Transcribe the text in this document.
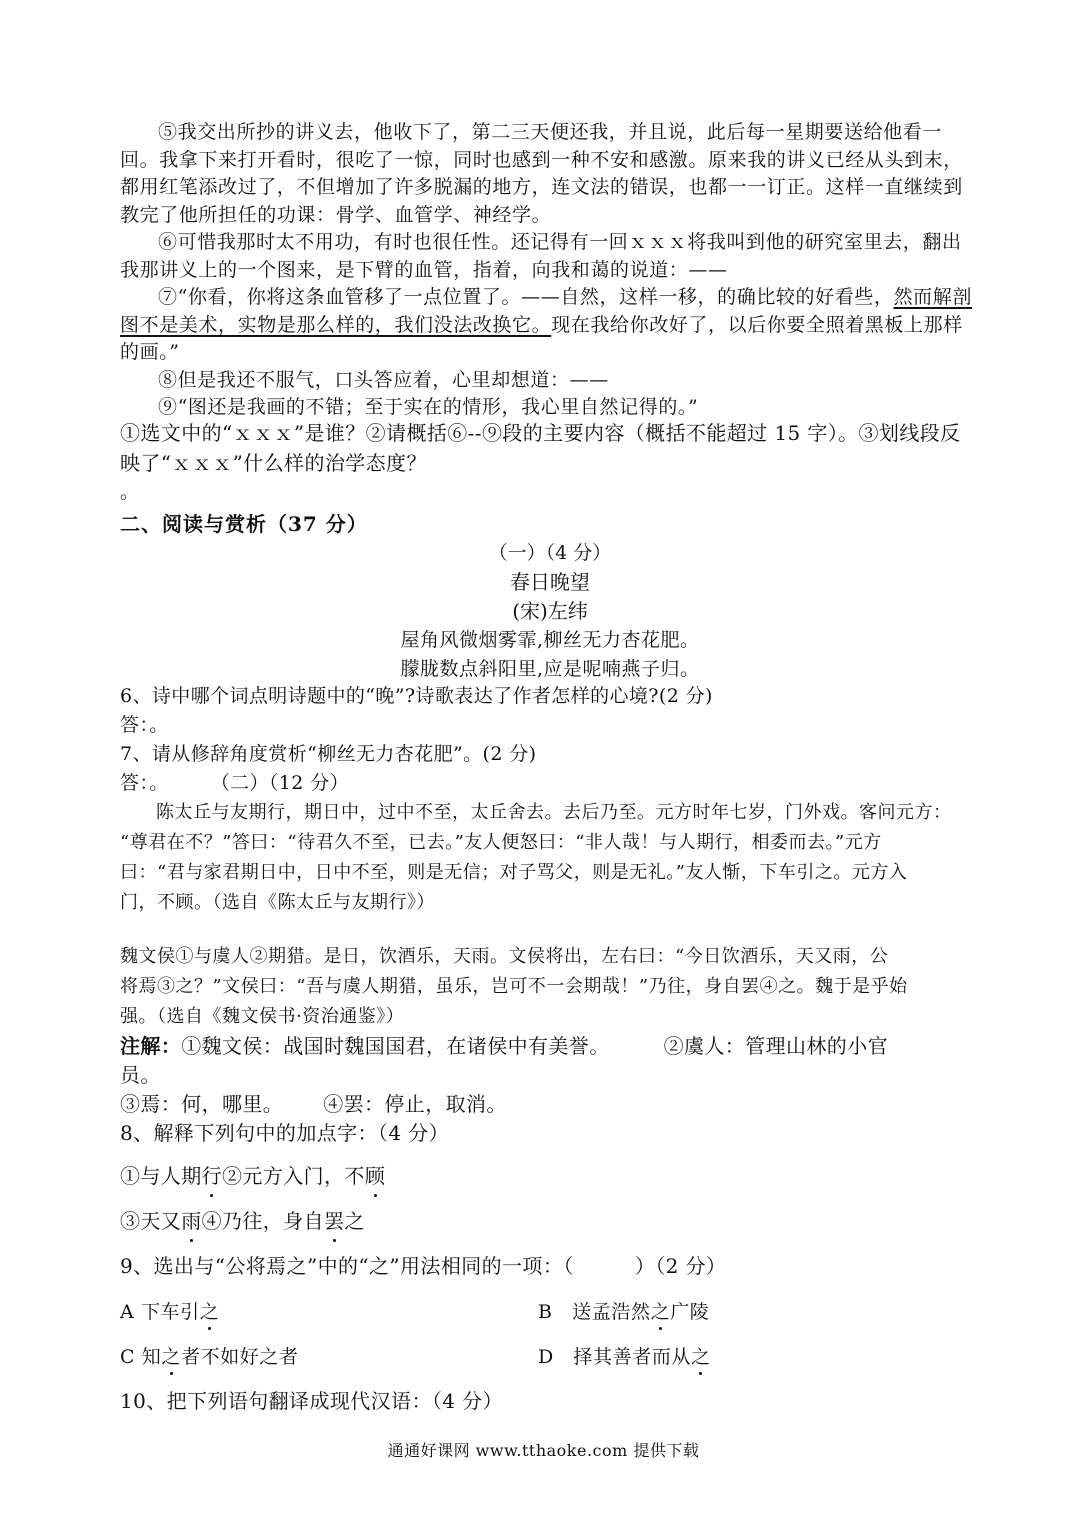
⑤我交出所抄的讲义去，他收下了，第二三天便还我，并且说，此后每一星期要送给他看一回。我拿下来打开看时，很吃了一惊，同时也感到一种不安和感激。原来我的讲义已经从头到末，都用红笔添改过了，不但增加了许多脱漏的地方，连文法的错误，也都一一订正。这样一直继续到教完了他所担任的功课：骨学、血管学、神经学。

⑥可惜我那时太不用功，有时也很任性。还记得有一回ｘｘｘ将我叫到他的研究室里去，翻出我那讲义上的一个图来，是下臂的血管，指着，向我和蔼的说道：——

⑦“你看，你将这条血管移了一点位置了。——自然，这样一移，的确比较的好看些，然而解剖图不是美术，实物是那么样的，我们没法改换它。现在我给你改好了，以后你要全照着黑板上那样的画。”

⑧但是我还不服气，口头答应着，心里却想道：——

⑨“图还是我画的不错；至于实在的情形，我心里自然记得的。”

①选文中的“ｘｘｘ”是谁？②请概括⑥--⑨段的主要内容（概括不能超过 15 字）。③划线段反映了“ｘｘｘ”什么样的治学态度？

。

二、阅读与赏析（37 分）

（一）（4 分）

春日晚望

(宋)左纬

屋角风微烟雾霏,柳丝无力杏花肥。

朦胧数点斜阳里,应是呢喃燕子归。

6、诗中哪个词点明诗题中的“晚”?诗歌表达了作者怎样的心境?(2 分)

答：。

7、请从修辞角度赏析“柳丝无力杏花肥”。(2 分)

答：。 （二）（12 分）

陈太丘与友期行，期日中，过中不至，太丘舍去。去后乃至。元方时年七岁，门外戏。客问元方：

“尊君在不？”答曰：“待君久不至，已去。”友人便怒曰：“非人哉！与人期行，相委而去。”元方

曰：“君与家君期日中，日中不至，则是无信；对子骂父，则是无礼。”友人惭，下车引之。元方入

门，不顾。（选自《陈太丘与友期行》）

魏文侯①与虞人②期猎。是日，饮酒乐，天雨。文侯将出，左右曰：“今日饮酒乐，天又雨，公

将焉③之？”文侯曰：“吾与虞人期猎，虽乐，岂可不一会期哉！”乃往，身自罢④之。魏于是乎始

强。（选自《魏文侯书·资治通鉴》）

注解：①魏文侯：战国时魏国国君，在诸侯中有美誉。	②虞人：管理山林的小官

员。

③焉：何，哪里。 ④罢：停止，取消。

8、解释下列句中的加点字：（4 分）

①与人期行②元方入门，不顾

③天又雨④乃往，身自罢之

9、选出与“公将焉之”中的“之”用法相同的一项：（　　　）（2 分）

A 下车引之	B　送孟浩然之广陵
C 知之者不如好之者	D　择其善者而从之

10、把下列语句翻译成现代汉语：（4 分）

通通好课网 www.tthaoke.com 提供下载
